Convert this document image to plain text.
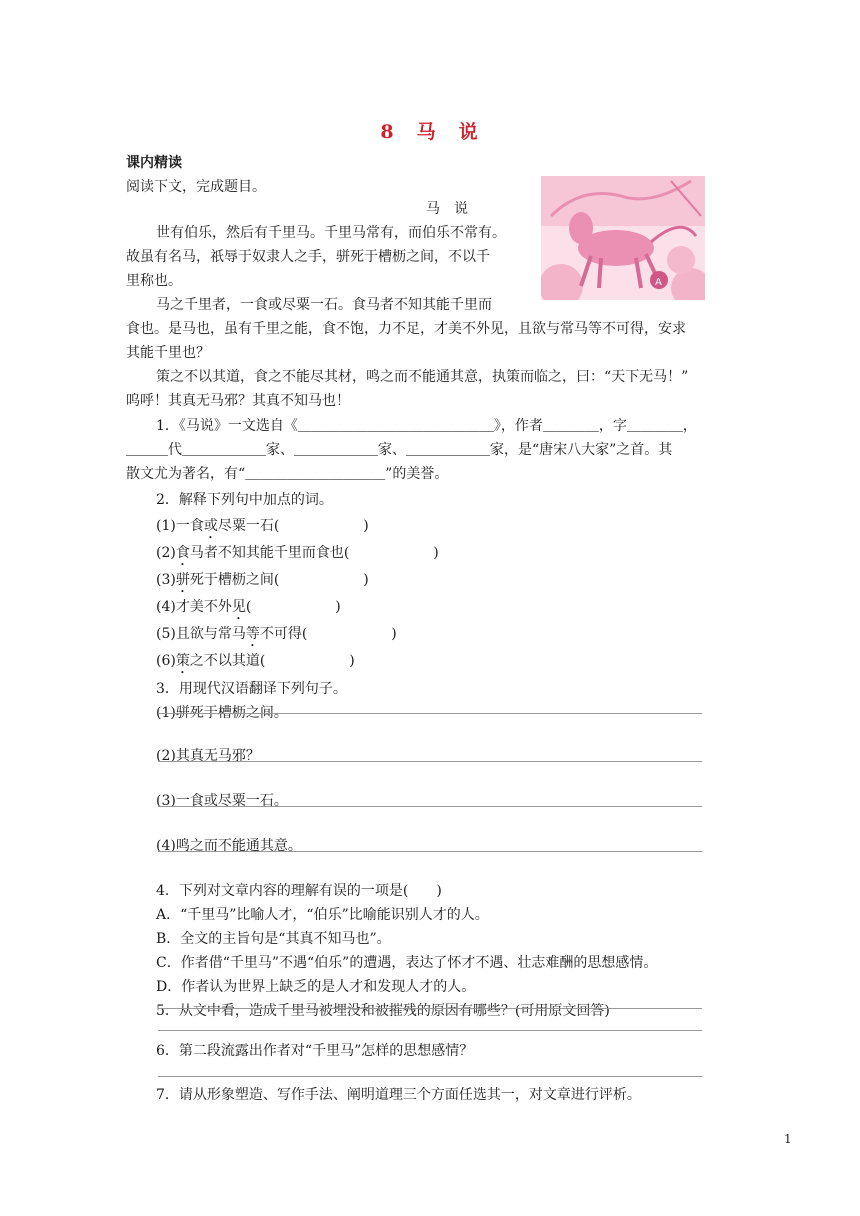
8　马　说
课内精读
阅读下文，完成题目。
马　说
A
世有伯乐，然后有千里马。千里马常有，而伯乐不常有。
故虽有名马，祇辱于奴隶人之手，骈死于槽枥之间，不以千
里称也。
马之千里者，一食或尽粟一石。食马者不知其能千里而
食也。是马也，虽有千里之能，食不饱，力不足，才美不外见，且欲与常马等不可得，安求
其能千里也？
策之不以其道，食之不能尽其材，鸣之而不能通其意，执策而临之，曰：“天下无马！”
呜呼！其真无马邪？其真不知马也！
1．《马说》一文选自《＿＿＿＿＿＿＿＿＿＿＿＿＿＿》，作者＿＿＿＿，字＿＿＿＿，
＿＿＿代＿＿＿＿＿＿家、＿＿＿＿＿＿家、＿＿＿＿＿＿家，是“唐宋八大家”之首。其
散文尤为著名，有“＿＿＿＿＿＿＿＿＿＿”的美誉。
2．解释下列句中加点的词。
(1)一食或尽粟一石(　　　　　　)
(2)食马者不知其能千里而食也(　　　　　　)
(3)骈死于槽枥之间(　　　　　　)
(4)才美不外见(　　　　　　)
(5)且欲与常马等不可得(　　　　　　)
(6)策之不以其道(　　　　　　)
3．用现代汉语翻译下列句子。
(1)骈死于槽枥之间。
(2)其真无马邪？
(3)一食或尽粟一石。
(4)鸣之而不能通其意。
4．下列对文章内容的理解有误的一项是(　　)
A．“千里马”比喻人才，“伯乐”比喻能识别人才的人。
B．全文的主旨句是“其真不知马也”。
C．作者借“千里马”不遇“伯乐”的遭遇，表达了怀才不遇、壮志难酬的思想感情。
D．作者认为世界上缺乏的是人才和发现人才的人。
5．从文中看，造成千里马被埋没和被摧残的原因有哪些？(可用原文回答)
6．第二段流露出作者对“千里马”怎样的思想感情？
7．请从形象塑造、写作手法、阐明道理三个方面任选其一，对文章进行评析。
1
